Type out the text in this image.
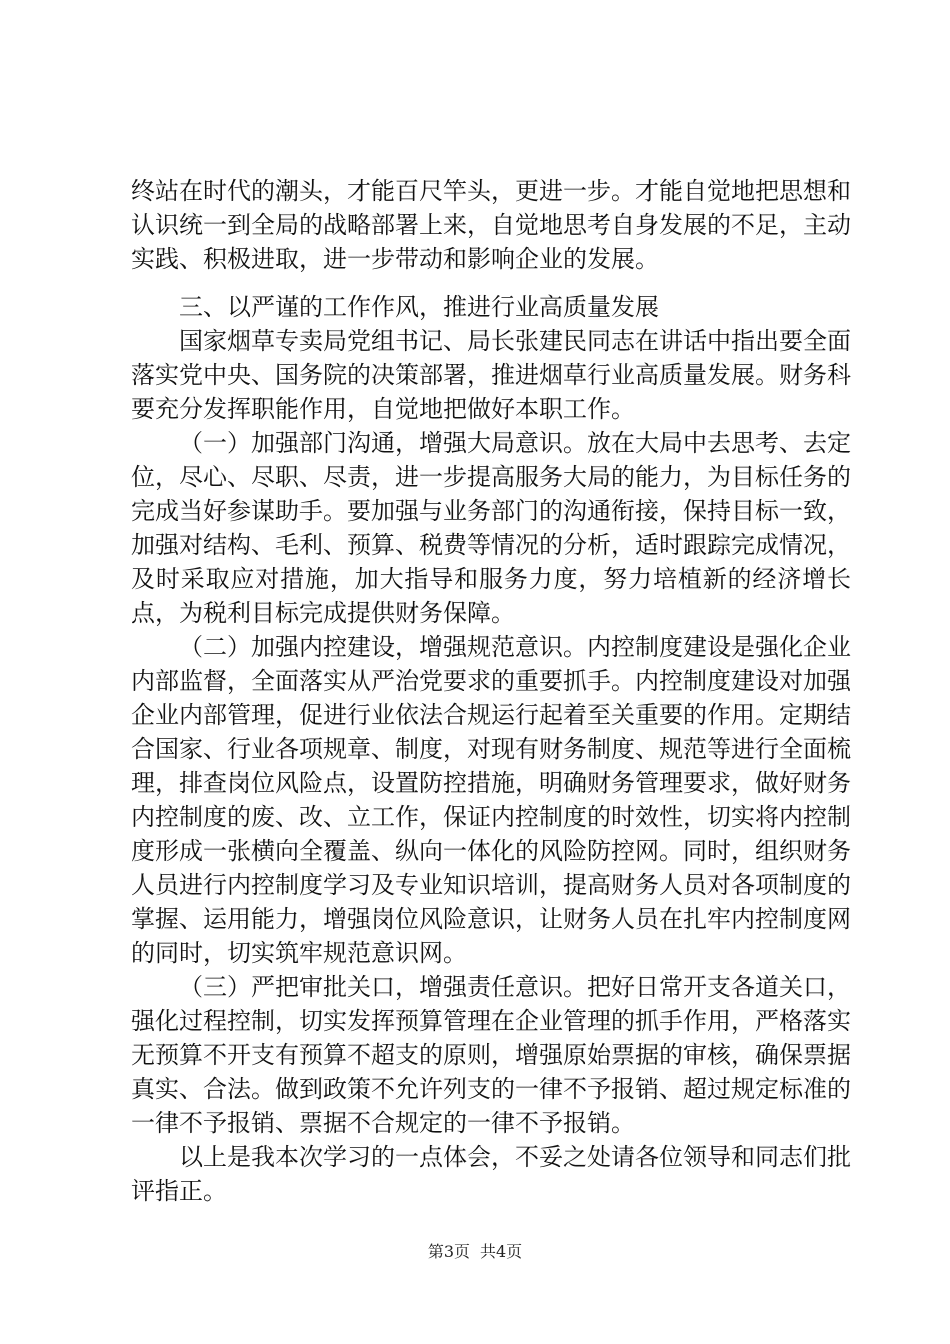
终站在时代的潮头，才能百尺竿头，更进一步。才能自觉地把思想和认识统一到全局的战略部署上来，自觉地思考自身发展的不足，主动实践、积极进取，进一步带动和影响企业的发展。

三、以严谨的工作作风，推进行业高质量发展

国家烟草专卖局党组书记、局长张建民同志在讲话中指出要全面落实党中央、国务院的决策部署，推进烟草行业高质量发展。财务科要充分发挥职能作用，自觉地把做好本职工作。

（一）加强部门沟通，增强大局意识。放在大局中去思考、去定位，尽心、尽职、尽责，进一步提高服务大局的能力，为目标任务的完成当好参谋助手。要加强与业务部门的沟通衔接，保持目标一致，加强对结构、毛利、预算、税费等情况的分析，适时跟踪完成情况，及时采取应对措施，加大指导和服务力度，努力培植新的经济增长点，为税利目标完成提供财务保障。

（二）加强内控建设，增强规范意识。内控制度建设是强化企业内部监督，全面落实从严治党要求的重要抓手。内控制度建设对加强企业内部管理，促进行业依法合规运行起着至关重要的作用。定期结合国家、行业各项规章、制度，对现有财务制度、规范等进行全面梳理，排查岗位风险点，设置防控措施，明确财务管理要求，做好财务内控制度的废、改、立工作，保证内控制度的时效性，切实将内控制度形成一张横向全覆盖、纵向一体化的风险防控网。同时，组织财务人员进行内控制度学习及专业知识培训，提高财务人员对各项制度的掌握、运用能力，增强岗位风险意识，让财务人员在扎牢内控制度网的同时，切实筑牢规范意识网。

（三）严把审批关口，增强责任意识。把好日常开支各道关口，强化过程控制，切实发挥预算管理在企业管理的抓手作用，严格落实无预算不开支有预算不超支的原则，增强原始票据的审核，确保票据真实、合法。做到政策不允许列支的一律不予报销、超过规定标准的一律不予报销、票据不合规定的一律不予报销。

以上是我本次学习的一点体会，不妥之处请各位领导和同志们批评指正。

第3页 共4页
